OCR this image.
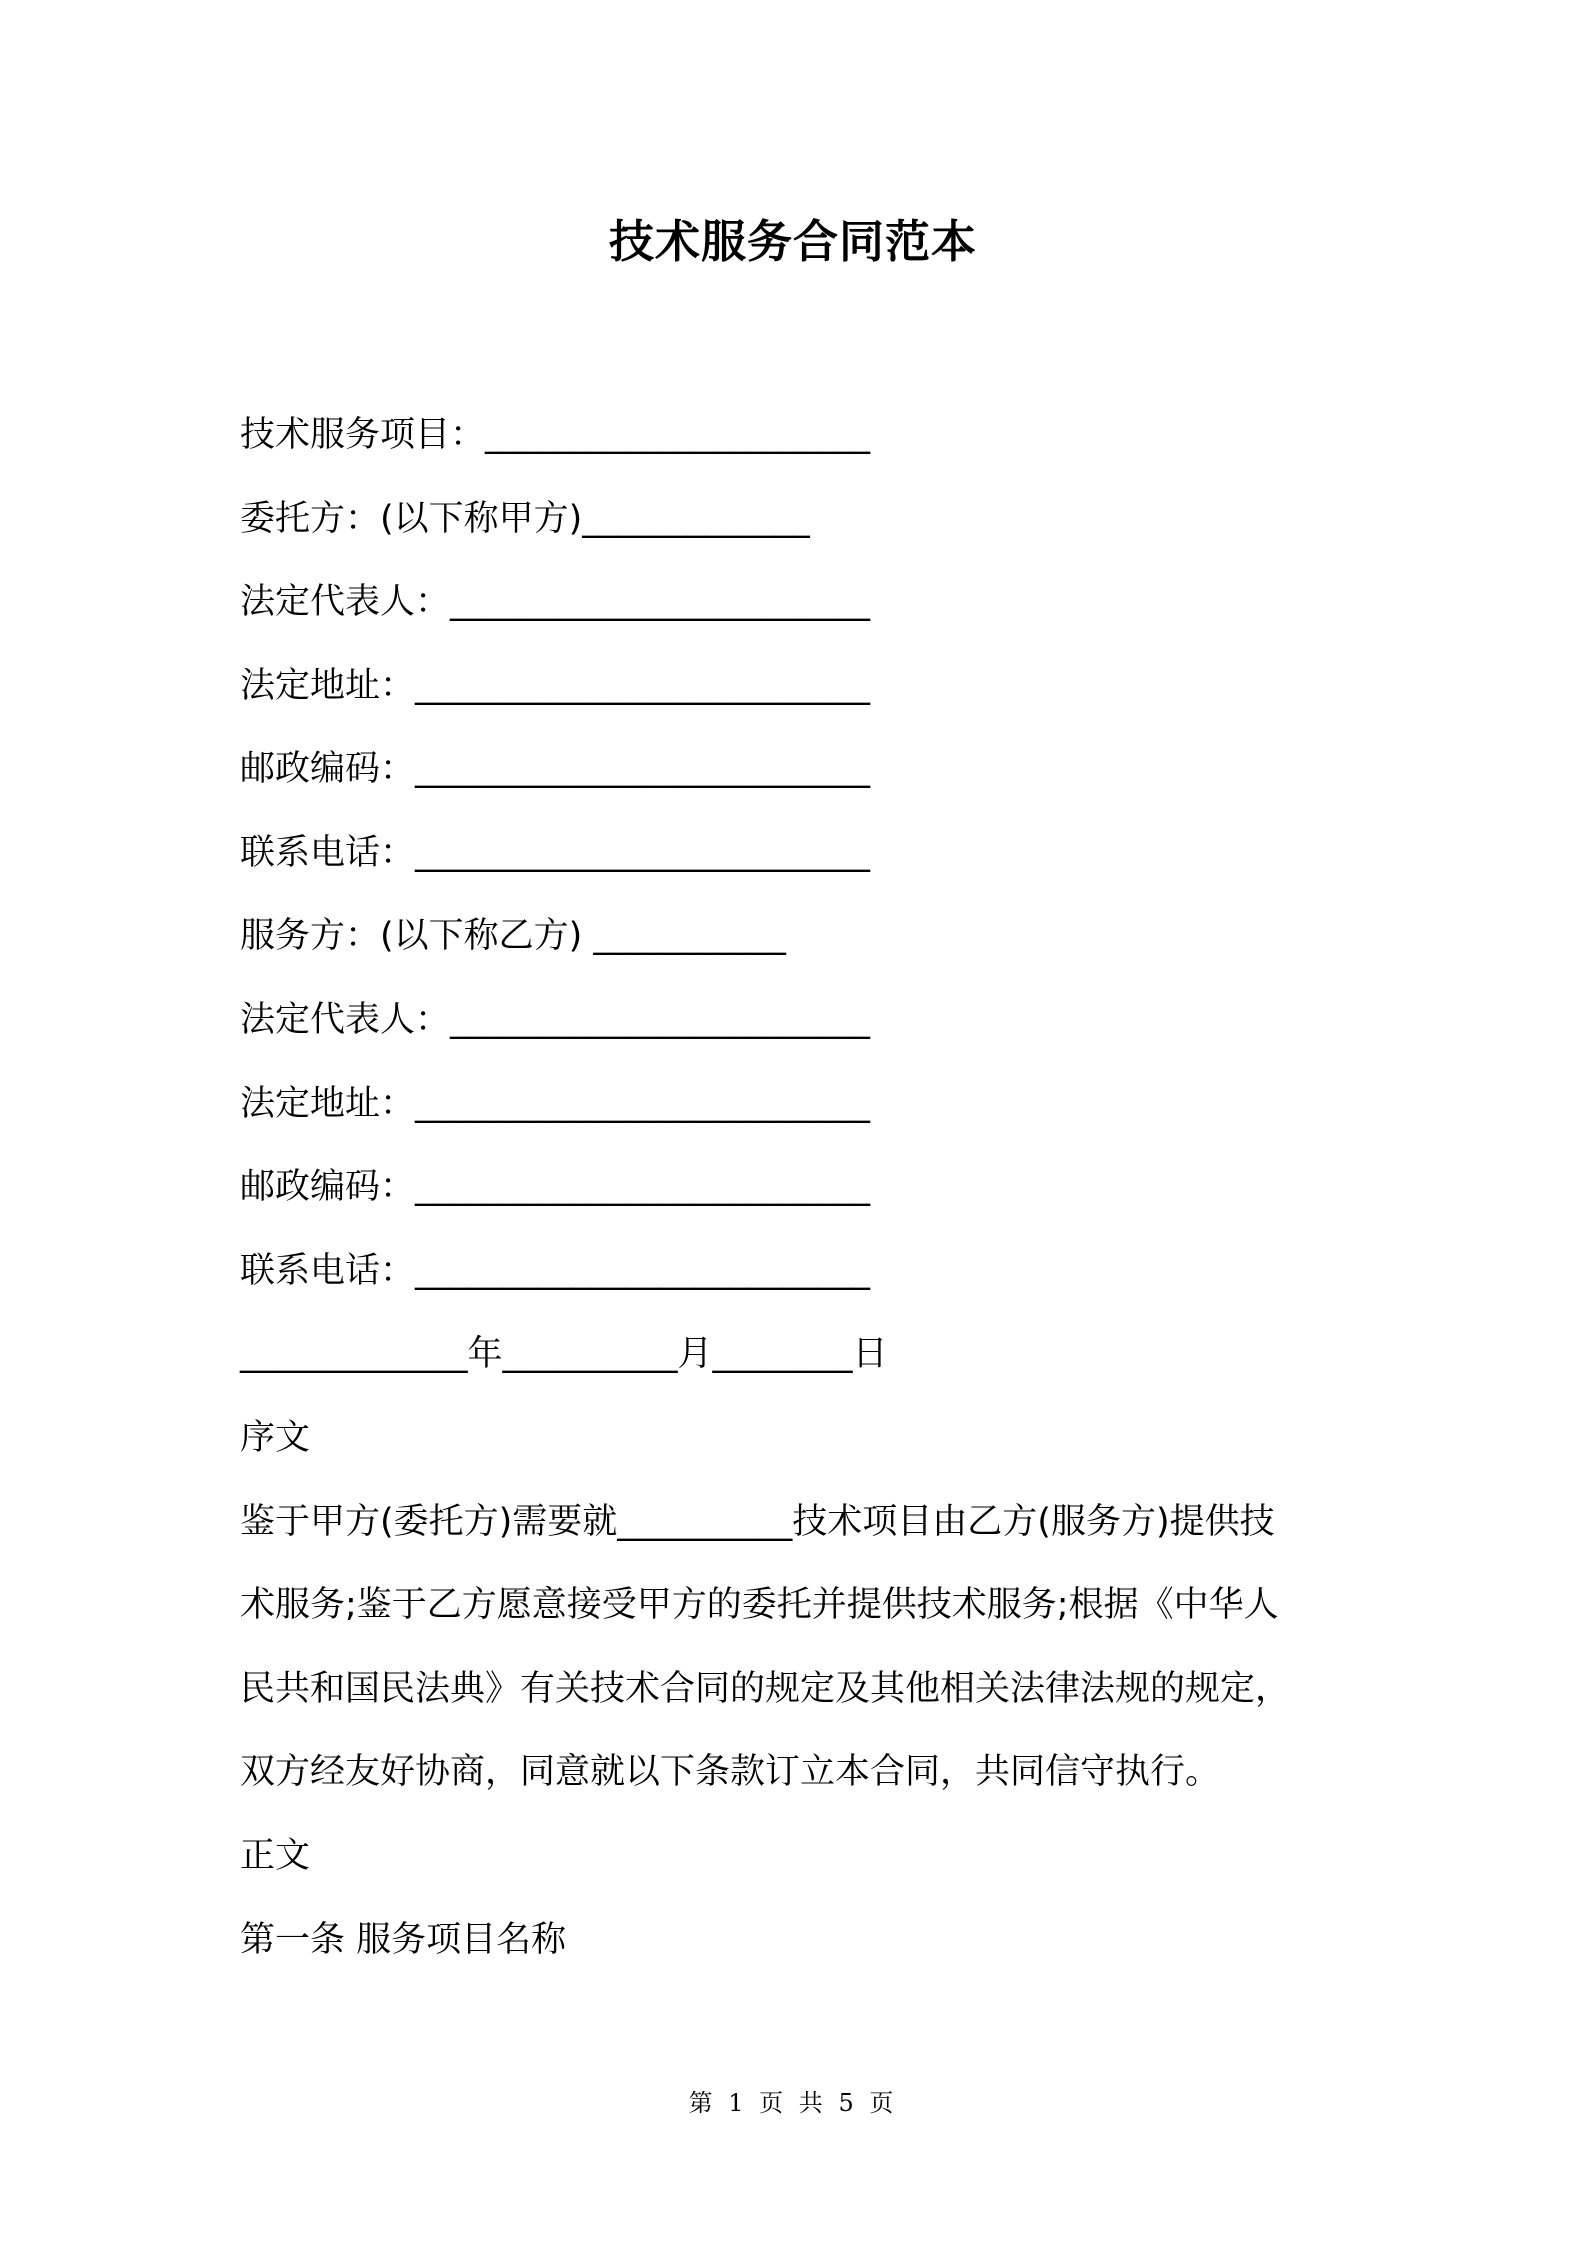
技术服务合同范本
技术服务项目：______________________
委托方：(以下称甲方)_____________
法定代表人：________________________
法定地址：__________________________
邮政编码：__________________________
联系电话：__________________________
服务方：(以下称乙方) ___________
法定代表人：________________________
法定地址：__________________________
邮政编码：__________________________
联系电话：__________________________
_____________年__________月________日
序文
鉴于甲方(委托方)需要就__________技术项目由乙方(服务方)提供技
术服务;鉴于乙方愿意接受甲方的委托并提供技术服务;根据《中华人
民共和国民法典》有关技术合同的规定及其他相关法律法规的规定，
双方经友好协商，同意就以下条款订立本合同，共同信守执行。
正文
第一条 服务项目名称
第 1 页 共 5 页
